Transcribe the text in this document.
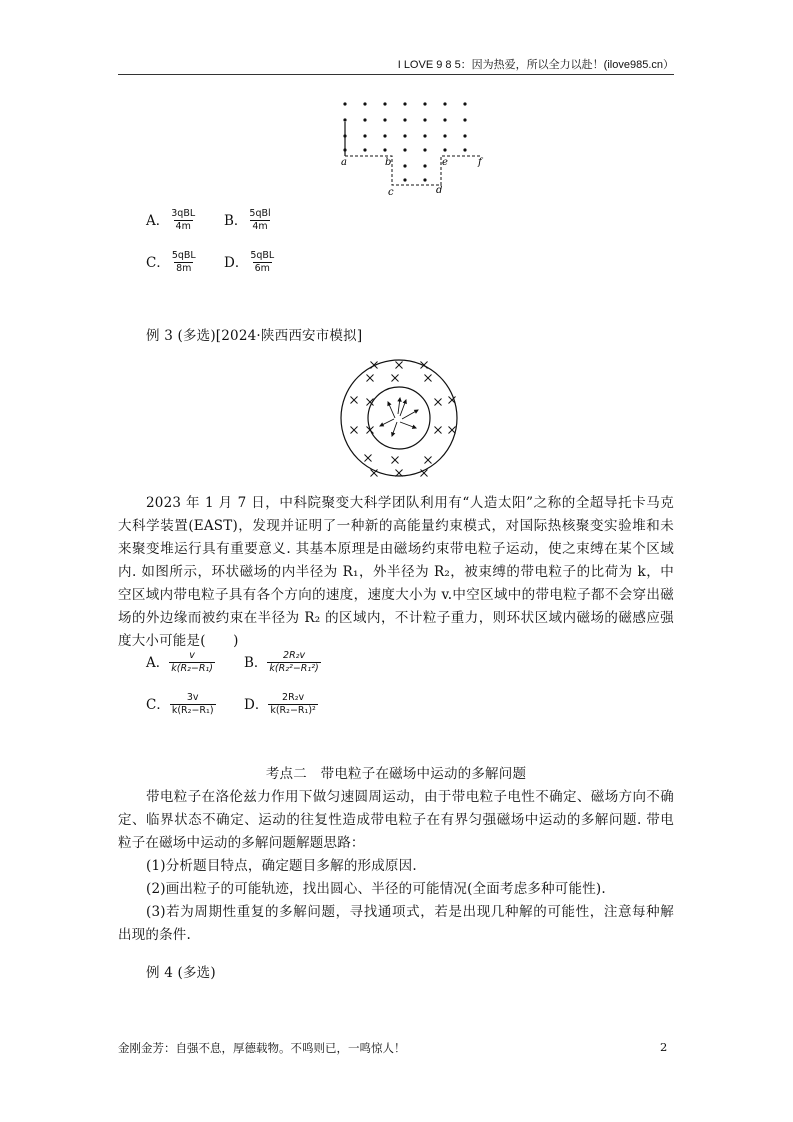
I LOVE 9 8 5：因为热爱，所以全力以赴！(ilove985.cn）
a	b
c	d
e	f
A． $\frac{\text{3qBL}}{4m}$ B． $\frac{\text{5qBl}}{4m}$
C． $\frac{\text{5qBL}}{8m}$ D． $\frac{\text{5qBL}}{6m}$
例 3 (多选)[2024·陕西西安市模拟]
2023 年 1 月 7 日，中科院聚变大科学团队利用有“人造太阳”之称的全超导托卡马克
大科学装置(EAST)，发现并证明了一种新的高能量约束模式，对国际热核聚变实验堆和未
来聚变堆运行具有重要意义. 其基本原理是由磁场约束带电粒子运动，使之束缚在某个区域
内. 如图所示，环状磁场的内半径为 R₁，外半径为 R₂，被束缚的带电粒子的比荷为 k，中
空区域内带电粒子具有各个方向的速度，速度大小为 v.中空区域中的带电粒子都不会穿出磁
场的外边缘而被约束在半径为 R₂ 的区域内，不计粒子重力，则环状区域内磁场的磁感应强
度大小可能是(　　)
A． $\frac{v}{\text{k(R₂−R₁)}}$ B． $\frac{\text{2R₂v}}{\text{k(R₂²−R₁²)}}$
C． $\frac{3v}{\text{k(R₂−R₁)}}$ D． $\frac{\text{2R₂v}}{\text{k(R₂−R₁)²}}$
考点二　带电粒子在磁场中运动的多解问题
带电粒子在洛伦兹力作用下做匀速圆周运动，由于带电粒子电性不确定、磁场方向不确
定、临界状态不确定、运动的往复性造成带电粒子在有界匀强磁场中运动的多解问题. 带电
粒子在磁场中运动的多解问题解题思路：
(1)分析题目特点，确定题目多解的形成原因.
(2)画出粒子的可能轨迹，找出圆心、半径的可能情况(全面考虑多种可能性).
(3)若为周期性重复的多解问题，寻找通项式，若是出现几种解的可能性，注意每种解
出现的条件.
例 4 (多选)
金刚金芳：自强不息，厚德载物。不鸣则已，一鸣惊人！	2
